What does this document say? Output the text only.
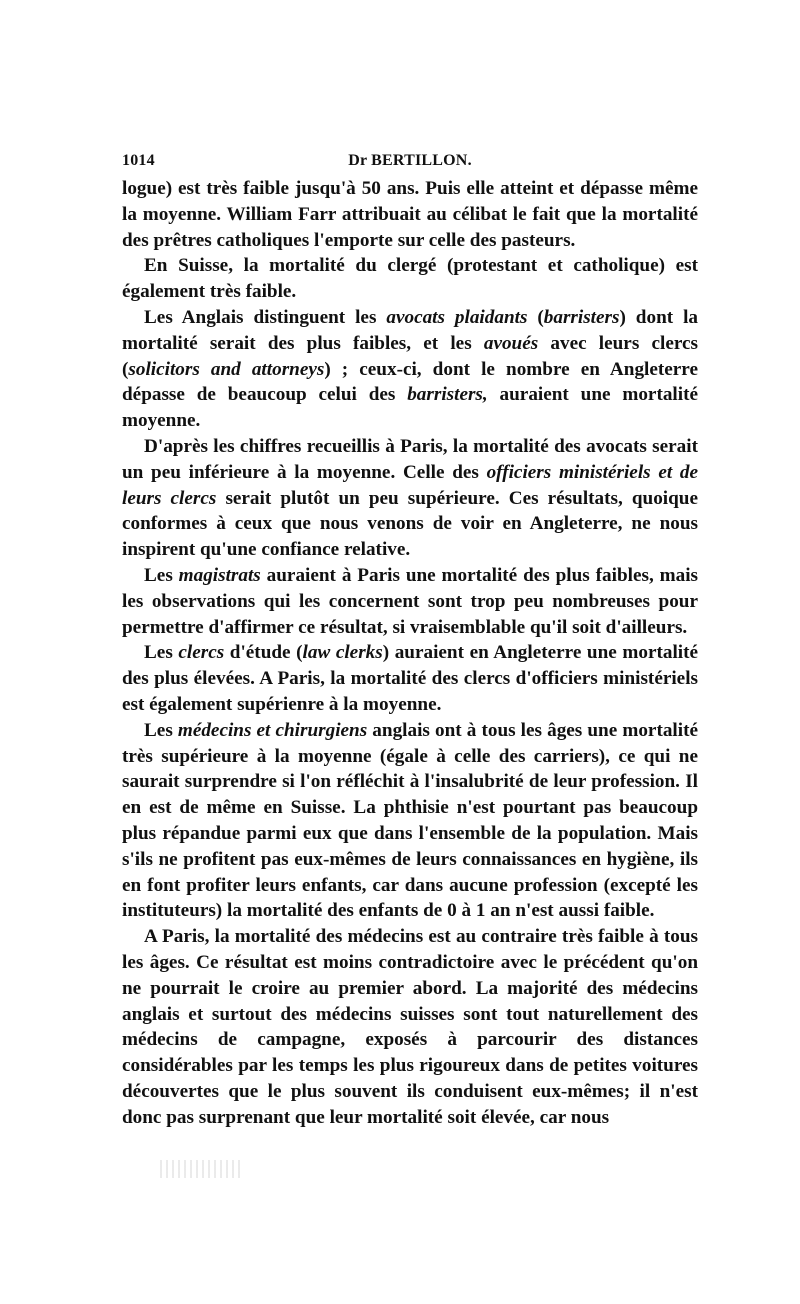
1014	Dr BERTILLON.

logue) est très faible jusqu'à 50 ans. Puis elle atteint et dépasse même la moyenne. William Farr attribuait au célibat le fait que la mortalité des prêtres catholiques l'emporte sur celle des pasteurs.

En Suisse, la mortalité du clergé (protestant et catholique) est également très faible.

Les Anglais distinguent les avocats plaidants (barristers) dont la mortalité serait des plus faibles, et les avoués avec leurs clercs (solicitors and attorneys) ; ceux-ci, dont le nombre en Angleterre dépasse de beaucoup celui des barristers, auraient une mortalité moyenne.

D'après les chiffres recueillis à Paris, la mortalité des avocats serait un peu inférieure à la moyenne. Celle des officiers ministériels et de leurs clercs serait plutôt un peu supérieure. Ces résultats, quoique conformes à ceux que nous venons de voir en Angleterre, ne nous inspirent qu'une confiance relative.

Les magistrats auraient à Paris une mortalité des plus faibles, mais les observations qui les concernent sont trop peu nombreuses pour permettre d'affirmer ce résultat, si vraisemblable qu'il soit d'ailleurs.

Les clercs d'étude (law clerks) auraient en Angleterre une mortalité des plus élevées. A Paris, la mortalité des clercs d'officiers ministériels est également supérienre à la moyenne.

Les médecins et chirurgiens anglais ont à tous les âges une mortalité très supérieure à la moyenne (égale à celle des carriers), ce qui ne saurait surprendre si l'on réfléchit à l'insalubrité de leur profession. Il en est de même en Suisse. La phthisie n'est pourtant pas beaucoup plus répandue parmi eux que dans l'ensemble de la population. Mais s'ils ne profitent pas eux-mêmes de leurs connaissances en hygiène, ils en font profiter leurs enfants, car dans aucune profession (excepté les instituteurs) la mortalité des enfants de 0 à 1 an n'est aussi faible.

A Paris, la mortalité des médecins est au contraire très faible à tous les âges. Ce résultat est moins contradictoire avec le précédent qu'on ne pourrait le croire au premier abord. La majorité des médecins anglais et surtout des médecins suisses sont tout naturellement des médecins de campagne, exposés à parcourir des distances considérables par les temps les plus rigoureux dans de petites voitures découvertes que le plus souvent ils conduisent eux-mêmes; il n'est donc pas surprenant que leur mortalité soit élevée, car nous
